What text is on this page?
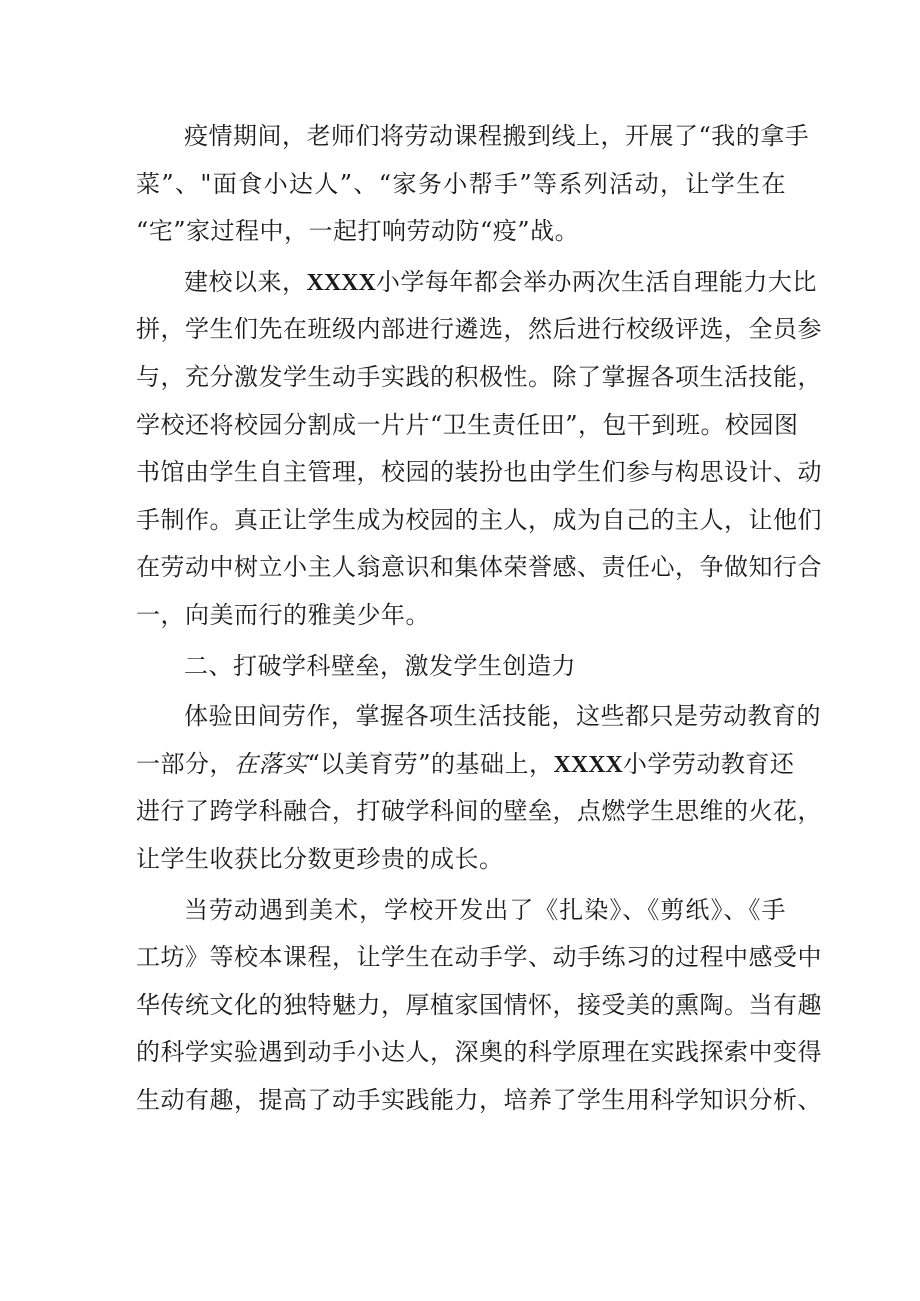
疫情期间，老师们将劳动课程搬到线上，开展了“我的拿手
菜”、"面食小达人”、“家务小帮手”等系列活动，让学生在
“宅”家过程中，一起打响劳动防“疫”战。
建校以来，XXXX小学每年都会举办两次生活自理能力大比
拼，学生们先在班级内部进行遴选，然后进行校级评选，全员参
与，充分激发学生动手实践的积极性。除了掌握各项生活技能，
学校还将校园分割成一片片“卫生责任田”，包干到班。校园图
书馆由学生自主管理，校园的装扮也由学生们参与构思设计、动
手制作。真正让学生成为校园的主人，成为自己的主人，让他们
在劳动中树立小主人翁意识和集体荣誉感、责任心，争做知行合
一，向美而行的雅美少年。
二、打破学科壁垒，激发学生创造力
体验田间劳作，掌握各项生活技能，这些都只是劳动教育的
一部分，在落实“以美育劳”的基础上，XXXX小学劳动教育还
进行了跨学科融合，打破学科间的壁垒，点燃学生思维的火花，
让学生收获比分数更珍贵的成长。
当劳动遇到美术，学校开发出了《扎染》、《剪纸》、《手
工坊》等校本课程，让学生在动手学、动手练习的过程中感受中
华传统文化的独特魅力，厚植家国情怀，接受美的熏陶。当有趣
的科学实验遇到动手小达人，深奥的科学原理在实践探索中变得
生动有趣，提高了动手实践能力，培养了学生用科学知识分析、
